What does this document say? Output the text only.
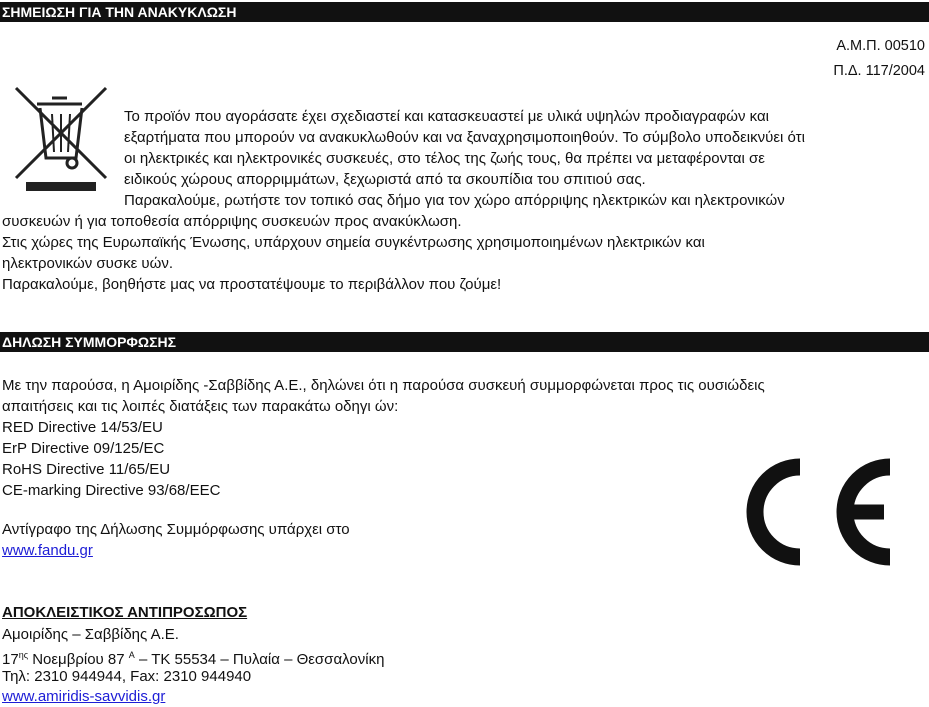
ΣΗΜΕΙΩΣΗ ΓΙΑ ΤΗΝ ΑΝΑΚΥΚΛΩΣΗ
Α.Μ.Π. 00510
Π.Δ. 117/2004
Το προϊόν που αγοράσατε έχει σχεδιαστεί και κατασκευαστεί με υλικά υψηλών προδιαγραφών και
εξαρτήματα που μπορούν να ανακυκλωθούν και να ξαναχρησιμοποιηθούν. Το σύμβολο υποδεικνύει ότι
οι ηλεκτρικές και ηλεκτρονικές συσκευές, στο τέλος της ζωής τους, θα πρέπει να μεταφέρονται σε
ειδικούς χώρους απορριμμάτων, ξεχωριστά από τα σκουπίδια του σπιτιού σας.
Παρακαλούμε, ρωτήστε τον τοπικό σας δήμο για τον χώρο απόρριψης ηλεκτρικών και ηλεκτρονικών
συσκευών ή για τοποθεσία απόρριψης συσκευών προς ανακύκλωση.
Στις χώρες της Ευρωπαϊκής Ένωσης, υπάρχουν σημεία συγκέντρωσης χρησιμοποιημένων ηλεκτρικών και
ηλεκτρονικών συσκε υών.
Παρακαλούμε, βοηθήστε μας να προστατέψουμε το περιβάλλον που ζούμε!
ΔΗΛΩΣΗ ΣΥΜΜΟΡΦΩΣΗΣ
Με την παρούσα, η Αμοιρίδης -Σαββίδης Α.Ε., δηλώνει ότι η παρούσα συσκευή συμμορφώνεται προς τις ουσιώδεις
απαιτήσεις και τις λοιπές διατάξεις των παρακάτω οδηγι ών:
RED Directive 14/53/EU
ErP Directive 09/125/EC
RoHS Directive 11/65/EU
CE-marking Directive 93/68/EEC
Αντίγραφο της Δήλωσης Συμμόρφωσης υπάρχει στο
www.fandu.gr
ΑΠΟΚΛΕΙΣΤΙΚΟΣ ΑΝΤΙΠΡΟΣΩΠΟΣ
Αμοιρίδης – Σαββίδης Α.Ε.
$17^{\eta\varsigma}$ Νοεμβρίου 87 $^A$ – ΤΚ 55534 – Πυλαία – Θεσσαλονίκη
Τηλ: 2310 944944, Fax: 2310 944940
www.amiridis-savvidis.gr
